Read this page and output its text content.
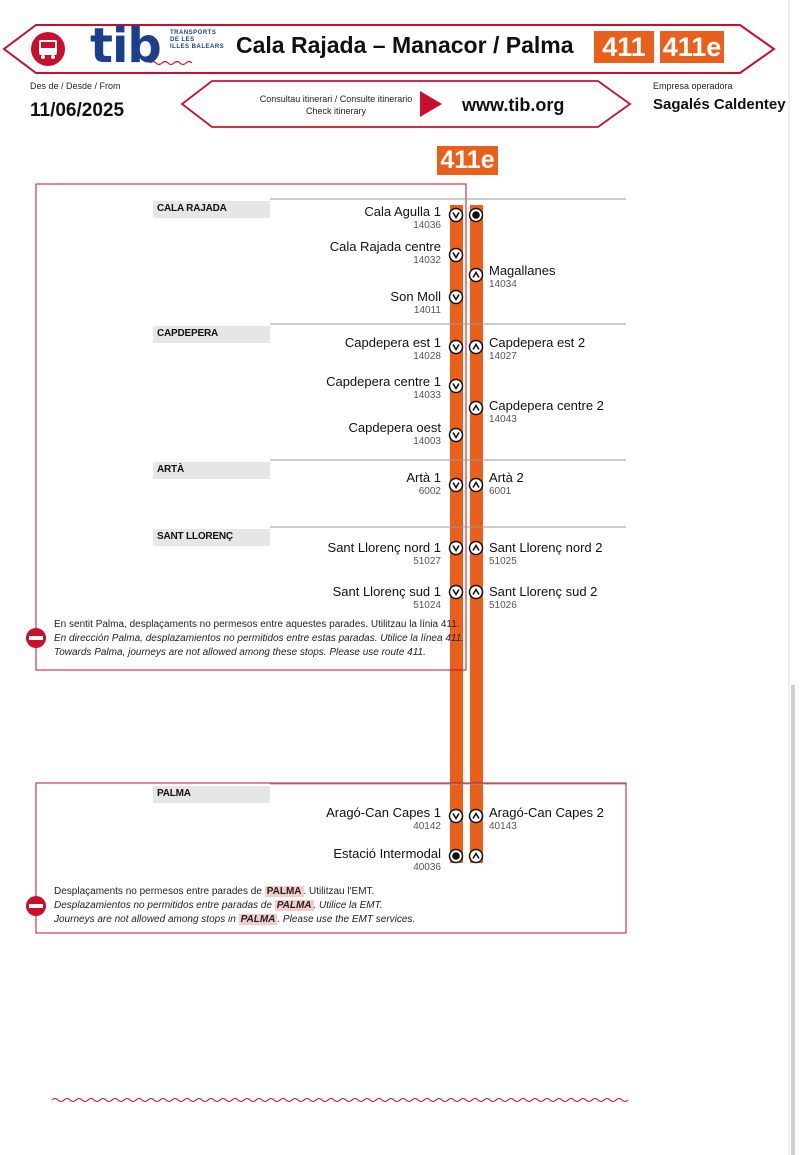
tib TRANSPORTS
DE LES
ILLES BALEARS Cala Rajada – Manacor / Palma	411 411e
Des de / Desde / From
11/06/2025
Consultau itinerari / Consulte itinerario
Check itinerary	www.tib.org
Empresa operadora
Sagalés Caldentey
411e
CALA RAJADA
CAPDEPERA
ARTÀ
SANT LLORENÇ
PALMA
Cala Agulla 1
14036
Cala Rajada centre
14032
Son Moll
14011
Capdepera est 1
14028
Capdepera centre 1
14033
Capdepera oest
14003
Artà 1
6002
Sant Llorenç nord 1
51027
Sant Llorenç sud 1
51024
Aragó-Can Capes 1
40142
Estació Intermodal
40036
Magallanes
14034
Capdepera est 2
14027
Capdepera centre 2
14043
Artà 2
6001
Sant Llorenç nord 2
51025
Sant Llorenç sud 2
51026
Aragó-Can Capes 2
40143
En sentit Palma, desplaçaments no permesos entre aquestes parades. Utilitzau la línia 411.
En dirección Palma, desplazamientos no permitidos entre estas paradas. Utilice la línea 411.
Towards Palma, journeys are not allowed among these stops. Please use route 411.
Desplaçaments no permesos entre parades de PALMA . Utilitzau l'EMT.
Desplazamientos no permitidos entre paradas de PALMA . Utilice la EMT.
Journeys are not allowed among stops in PALMA . Please use the EMT services.
